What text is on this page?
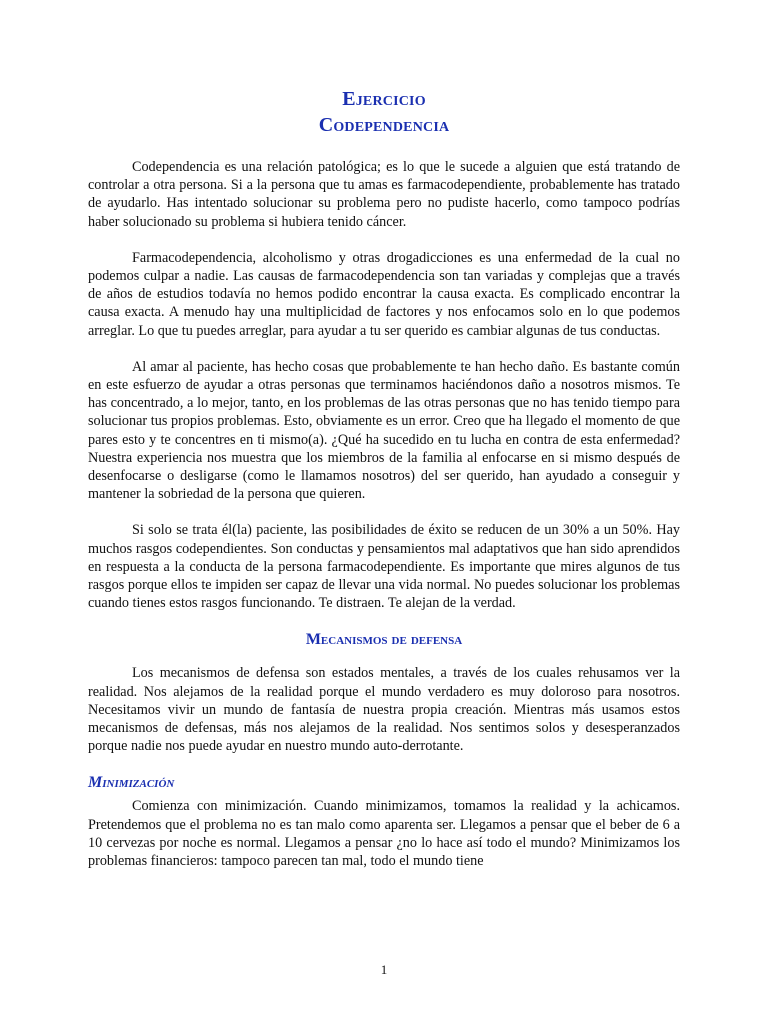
Ejercicio
Codependencia

Codependencia es una relación patológica; es lo que le sucede a alguien que está tratando de controlar a otra persona. Si a la persona que tu amas es farmacodependiente, probablemente has tratado de ayudarlo. Has intentado solucionar su problema pero no pudiste hacerlo, como tampoco podrías haber solucionado su problema si hubiera tenido cáncer.

Farmacodependencia, alcoholismo y otras drogadicciones es una enfermedad de la cual no podemos culpar a nadie. Las causas de farmacodependencia son tan variadas y complejas que a través de años de estudios todavía no hemos podido encontrar la causa exacta. Es complicado encontrar la causa exacta. A menudo hay una multiplicidad de factores y nos enfocamos solo en lo que podemos arreglar. Lo que tu puedes arreglar, para ayudar a tu ser querido es cambiar algunas de tus conductas.

Al amar al paciente, has hecho cosas que probablemente te han hecho daño. Es bastante común en este esfuerzo de ayudar a otras personas que terminamos haciéndonos daño a nosotros mismos. Te has concentrado, a lo mejor, tanto, en los problemas de las otras personas que no has tenido tiempo para solucionar tus propios problemas. Esto, obviamente es un error. Creo que ha llegado el momento de que pares esto y te concentres en ti mismo(a). ¿Qué ha sucedido en tu lucha en contra de esta enfermedad? Nuestra experiencia nos muestra que los miembros de la familia al enfocarse en si mismo después de desenfocarse o desligarse (como le llamamos nosotros) del ser querido, han ayudado a conseguir y mantener la sobriedad de la persona que quieren.

Si solo se trata él(la) paciente, las posibilidades de éxito se reducen de un 30% a un 50%. Hay muchos rasgos codependientes. Son conductas y pensamientos mal adaptativos que han sido aprendidos en respuesta a la conducta de la persona farmacodependiente. Es importante que mires algunos de tus rasgos porque ellos te impiden ser capaz de llevar una vida normal. No puedes solucionar los problemas cuando tienes estos rasgos funcionando. Te distraen. Te alejan de la verdad.

Mecanismos de defensa

Los mecanismos de defensa son estados mentales, a través de los cuales rehusamos ver la realidad. Nos alejamos de la realidad porque el mundo verdadero es muy doloroso para nosotros. Necesitamos vivir un mundo de fantasía de nuestra propia creación. Mientras más usamos estos mecanismos de defensas, más nos alejamos de la realidad. Nos sentimos solos y desesperanzados porque nadie nos puede ayudar en nuestro mundo auto-derrotante.

Minimización

Comienza con minimización. Cuando minimizamos, tomamos la realidad y la achicamos. Pretendemos que el problema no es tan malo como aparenta ser. Llegamos a pensar que el beber de 6 a 10 cervezas por noche es normal. Llegamos a pensar ¿no lo hace así todo el mundo? Minimizamos los problemas financieros: tampoco parecen tan mal, todo el mundo tiene

1
